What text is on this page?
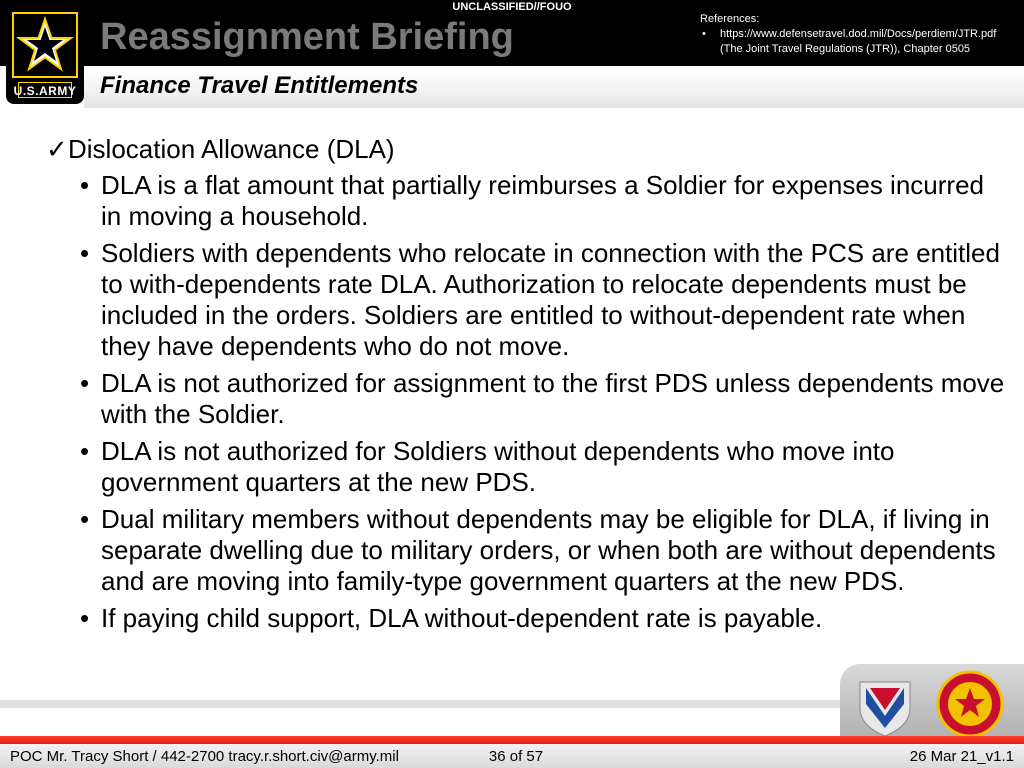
UNCLASSIFIED//FOUO
U.S.ARMY
Reassignment Briefing	References:
• https://www.defensetravel.dod.mil/Docs/perdiem/JTR.pdf
(The Joint Travel Regulations (JTR)), Chapter 0505
Finance Travel Entitlements
✓Dislocation Allowance (DLA)
• DLA is a flat amount that partially reimburses a Soldier for expenses incurred in moving a household.
• Soldiers with dependents who relocate in connection with the PCS are entitled to with-dependents rate DLA. Authorization to relocate dependents must be included in the orders. Soldiers are entitled to without-dependent rate when they have dependents who do not move.
• DLA is not authorized for assignment to the first PDS unless dependents move with the Soldier.
• DLA is not authorized for Soldiers without dependents who move into government quarters at the new PDS.
• Dual military members without dependents may be eligible for DLA, if living in separate dwelling due to military orders, or when both are without dependents and are moving into family-type government quarters at the new PDS.
• If paying child support, DLA without-dependent rate is payable.
POC Mr. Tracy Short / 442-2700 tracy.r.short.civ@army.mil	36 of 57	26 Mar 21_v1.1
